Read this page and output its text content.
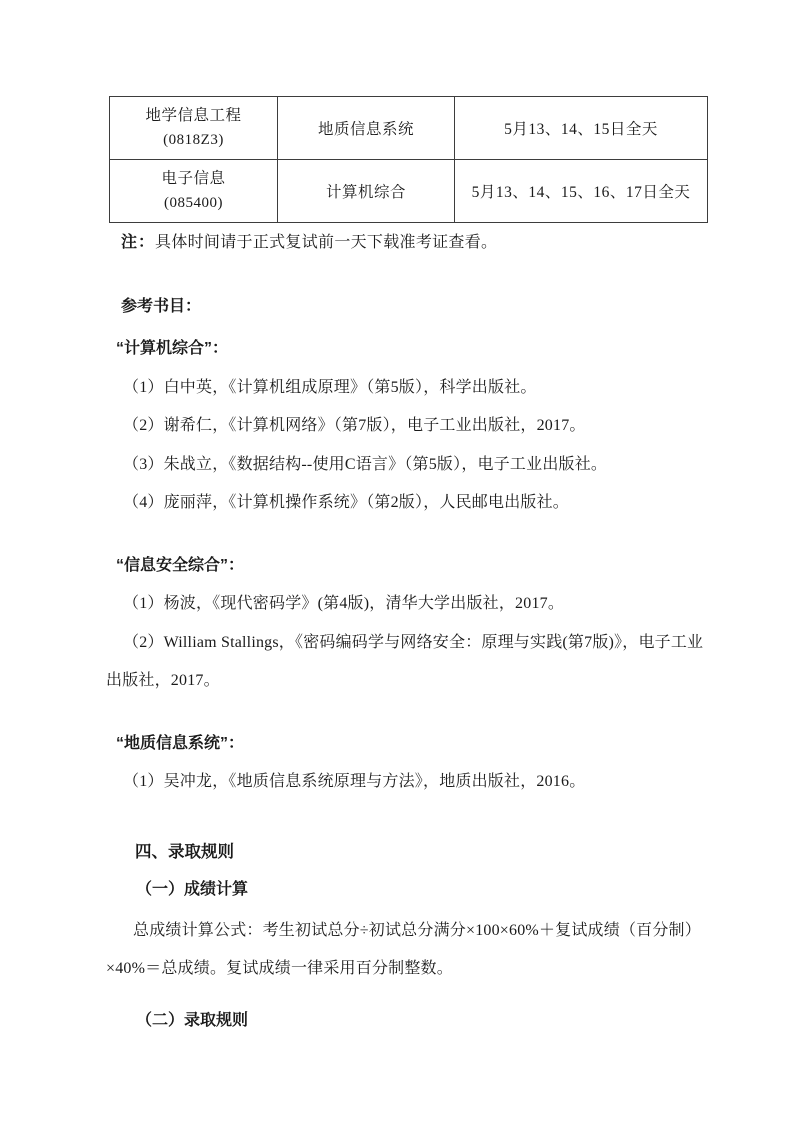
地学信息工程
(0818Z3)	地质信息系统	5月13、14、15日全天

电子信息
(085400)	计算机综合	5月13、14、15、16、17日全天

注：具体时间请于正式复试前一天下载准考证查看。

参考书目：

“计算机综合”：

（1）白中英，《计算机组成原理》（第5版），科学出版社。

（2）谢希仁，《计算机网络》（第7版），电子工业出版社，2017。

（3）朱战立，《数据结构--使用C语言》（第5版），电子工业出版社。

（4）庞丽萍，《计算机操作系统》（第2版），人民邮电出版社。

“信息安全综合”：

（1）杨波，《现代密码学》(第4版)，清华大学出版社，2017。

（2）William Stallings，《密码编码学与网络安全：原理与实践(第7版)》，电子工业出版社，2017。

“地质信息系统”：

（1）吴冲龙，《地质信息系统原理与方法》，地质出版社，2016。

四、录取规则

（一）成绩计算

总成绩计算公式：考生初试总分÷初试总分满分×100×60%＋复试成绩（百分制）×40%＝总成绩。复试成绩一律采用百分制整数。

（二）录取规则
